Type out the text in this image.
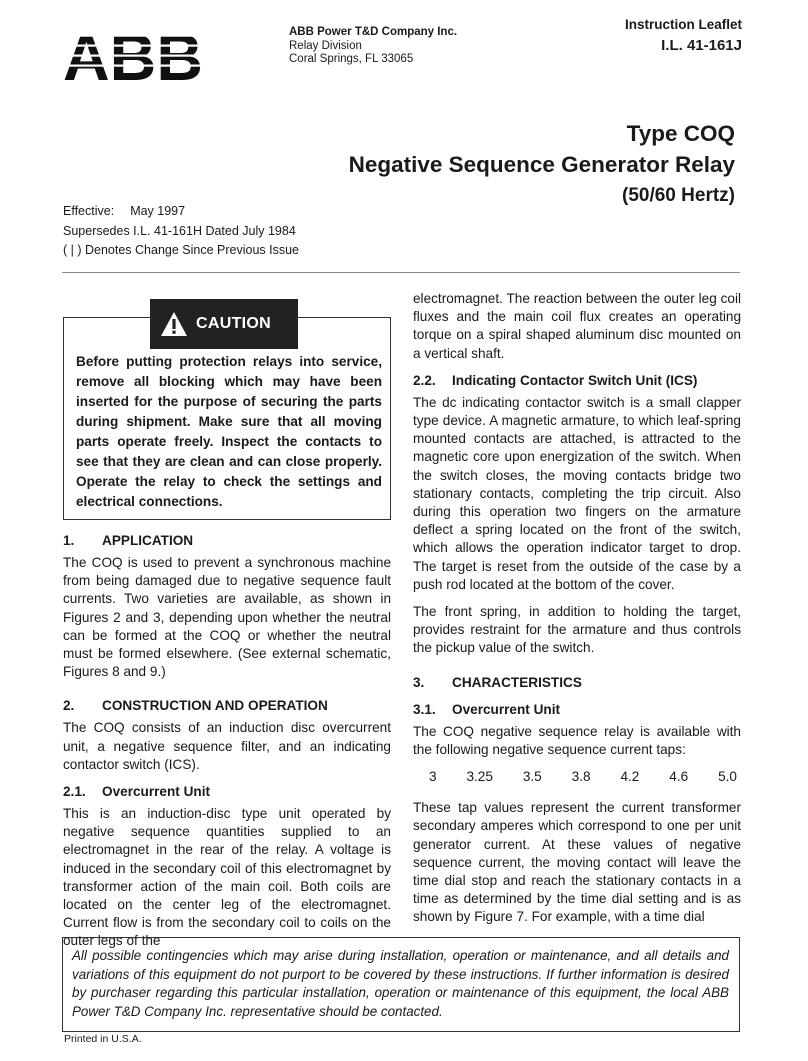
ABB Power T&D Company Inc.
Relay Division
Coral Springs, FL 33065
Instruction Leaflet
I.L. 41-161J
Type COQ
Negative Sequence Generator Relay
(50/60 Hertz)
Effective: May 1997
Supersedes I.L. 41-161H Dated July 1984
( | ) Denotes Change Since Previous Issue
CAUTION
Before putting protection relays into service, remove all blocking which may have been inserted for the purpose of securing the parts during shipment. Make sure that all moving parts operate freely. Inspect the contacts to see that they are clean and can close properly. Operate the relay to check the settings and electrical connections.
1. APPLICATION

The COQ is used to prevent a synchronous machine from being damaged due to negative sequence fault currents. Two varieties are available, as shown in Figures 2 and 3, depending upon whether the neutral can be formed at the COQ or whether the neutral must be formed elsewhere. (See external schematic, Figures 8 and 9.)

2. CONSTRUCTION AND OPERATION

The COQ consists of an induction disc overcurrent unit, a negative sequence filter, and an indicating contactor switch (ICS).

2.1. Overcurrent Unit

This is an induction-disc type unit operated by negative sequence quantities supplied to an electromagnet in the rear of the relay. A voltage is induced in the secondary coil of this electromagnet by transformer action of the main coil. Both coils are located on the center leg of the electromagnet. Current flow is from the secondary coil to coils on the outer legs of the

electromagnet. The reaction between the outer leg coil fluxes and the main coil flux creates an operating torque on a spiral shaped aluminum disc mounted on a vertical shaft.

2.2. Indicating Contactor Switch Unit (ICS)

The dc indicating contactor switch is a small clapper type device. A magnetic armature, to which leaf-spring mounted contacts are attached, is attracted to the magnetic core upon energization of the switch. When the switch closes, the moving contacts bridge two stationary contacts, completing the trip circuit. Also during this operation two fingers on the armature deflect a spring located on the front of the switch, which allows the operation indicator target to drop. The target is reset from the outside of the case by a push rod located at the bottom of the cover.

The front spring, in addition to holding the target, provides restraint for the armature and thus controls the pickup value of the switch.

3. CHARACTERISTICS
3.1. Overcurrent Unit

The COQ negative sequence relay is available with the following negative sequence current taps:

3 3.25 3.5 3.8 4.2 4.6 5.0

These tap values represent the current transformer secondary amperes which correspond to one per unit generator current. At these values of negative sequence current, the moving contact will leave the time dial stop and reach the stationary contacts in a time as determined by the time dial setting and is as shown by Figure 7. For example, with a time dial

All possible contingencies which may arise during installation, operation or maintenance, and all details and variations of this equipment do not purport to be covered by these instructions. If further information is desired by purchaser regarding this particular installation, operation or maintenance of this equipment, the local ABB Power T&D Company Inc. representative should be contacted.
Printed in U.S.A.
